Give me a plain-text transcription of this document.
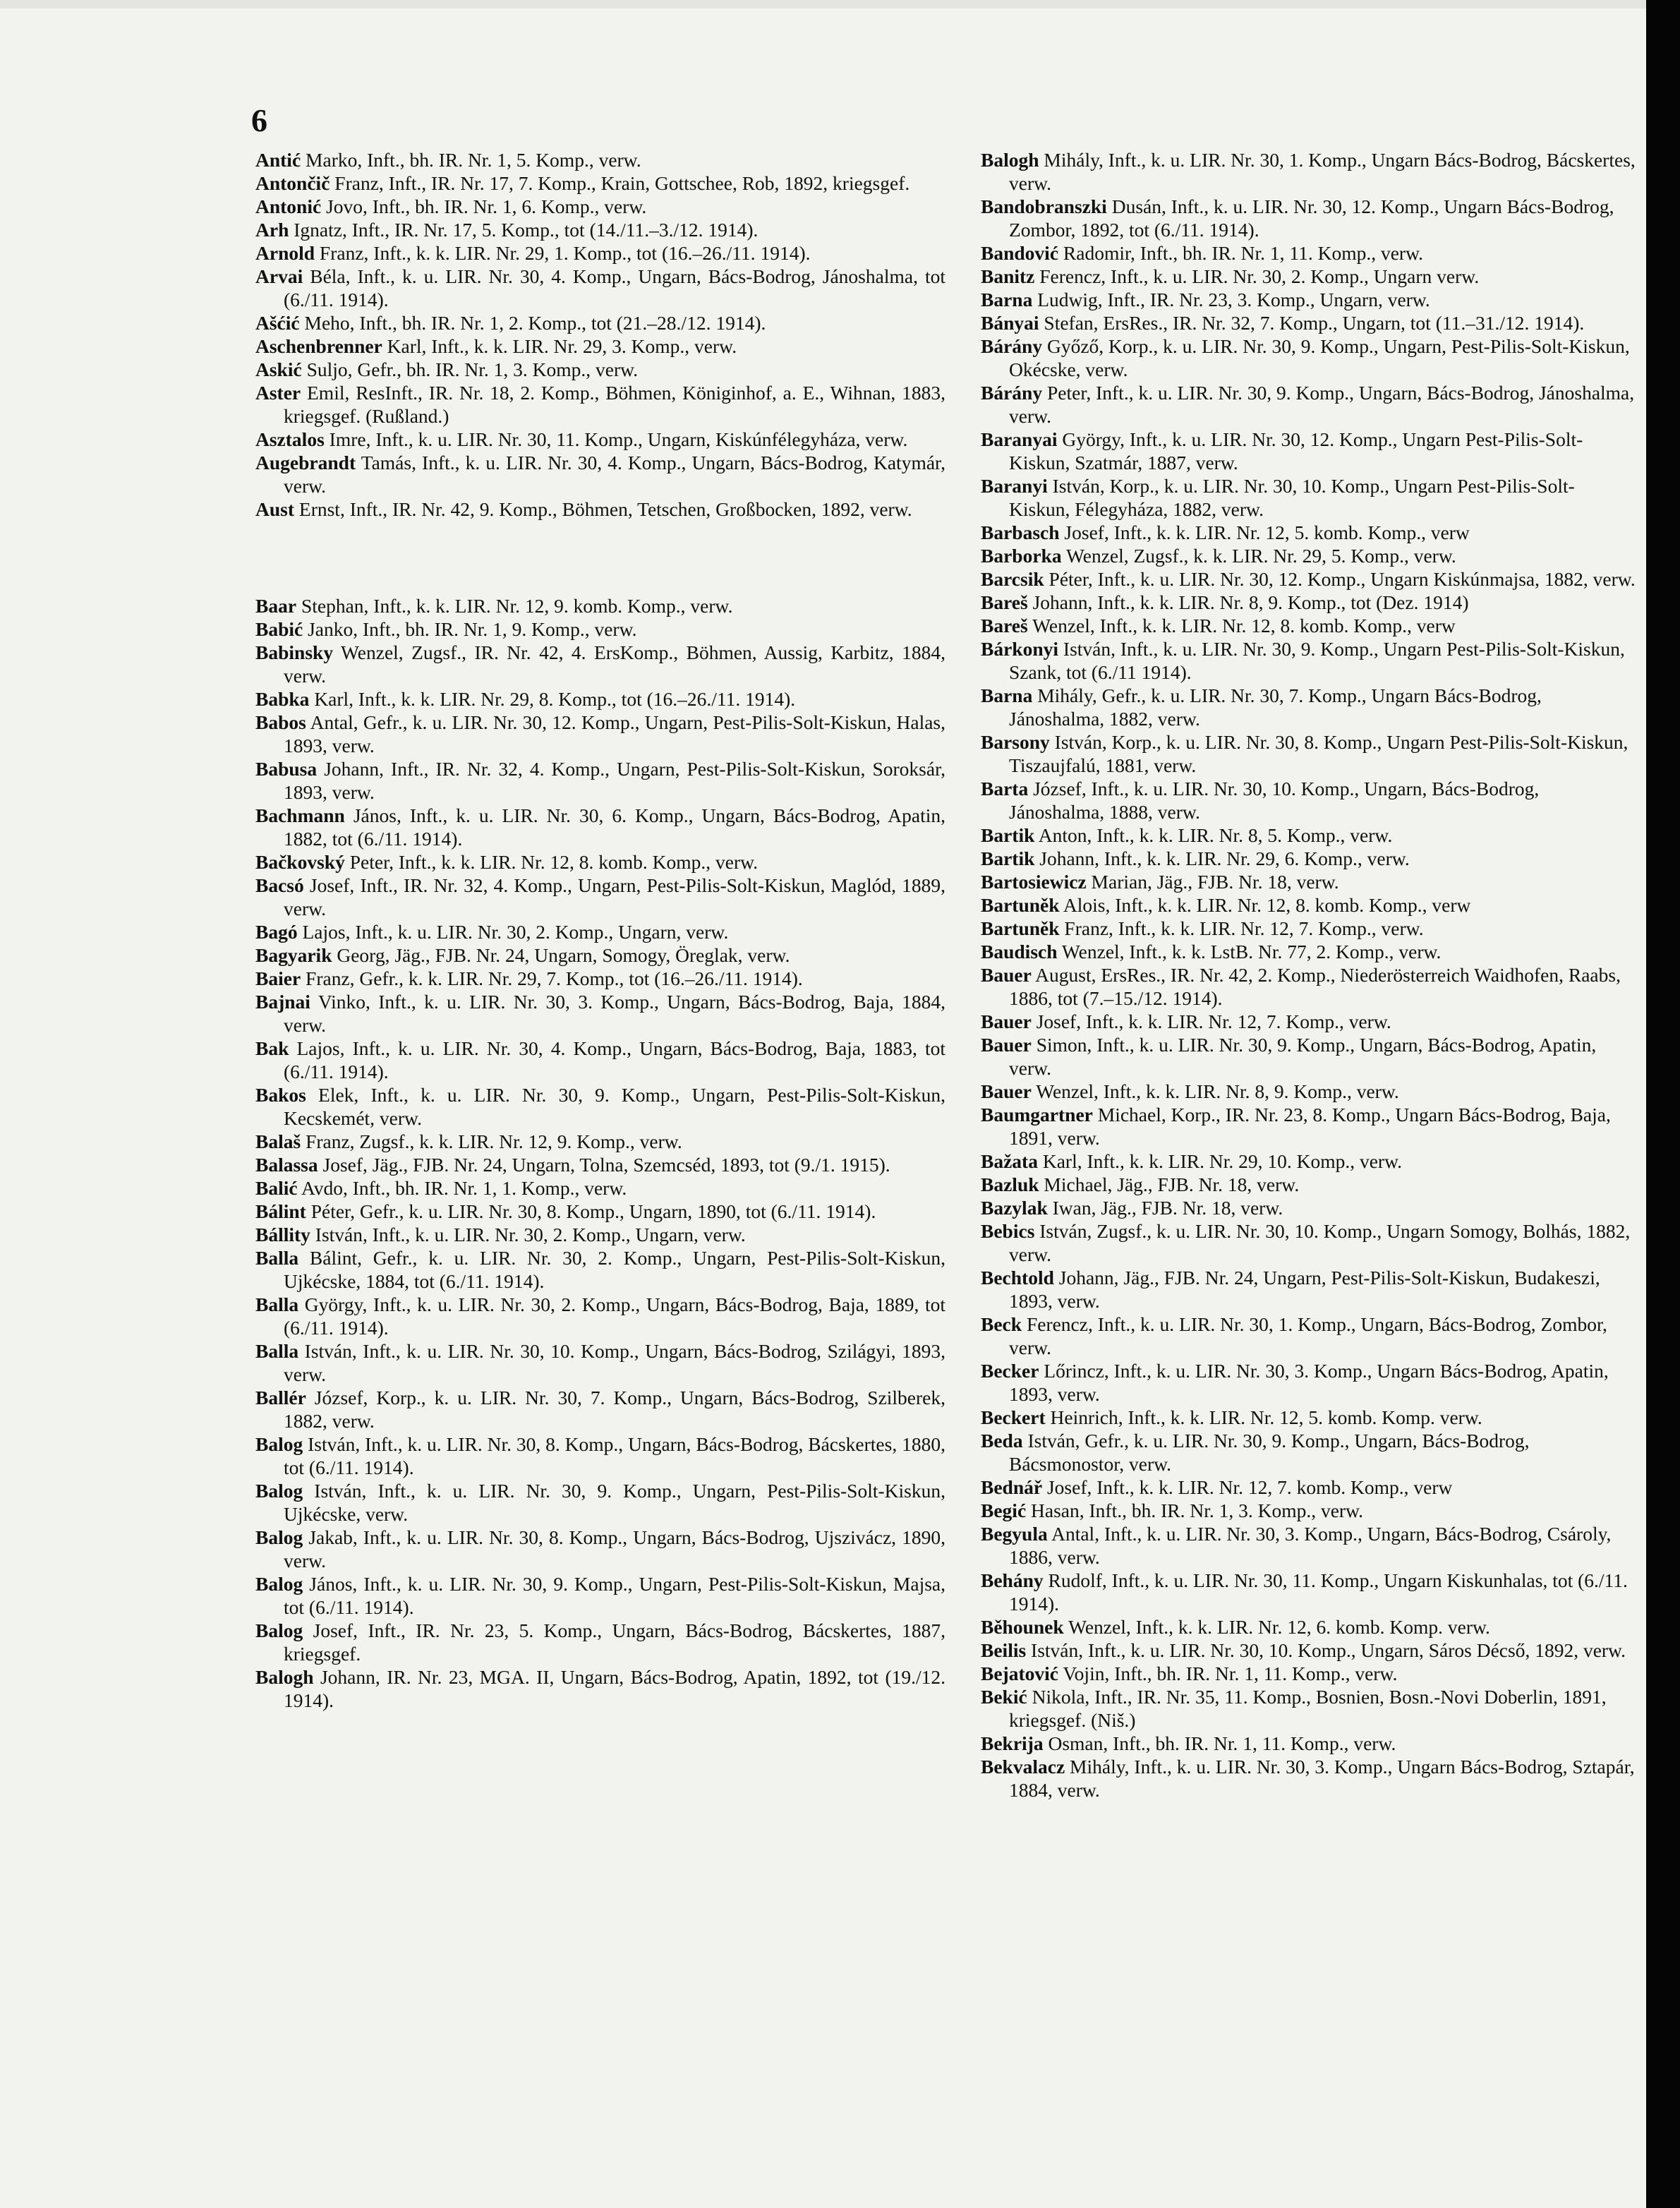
6
Antić Marko, Inft., bh. IR. Nr. 1, 5. Komp., verw.
Antončič Franz, Inft., IR. Nr. 17, 7. Komp., Krain, Gottschee, Rob, 1892, kriegsgef.
Antonić Jovo, Inft., bh. IR. Nr. 1, 6. Komp., verw.
Arh Ignatz, Inft., IR. Nr. 17, 5. Komp., tot (14./11.–3./12. 1914).
Arnold Franz, Inft., k. k. LIR. Nr. 29, 1. Komp., tot (16.–26./11. 1914).
Arvai Béla, Inft., k. u. LIR. Nr. 30, 4. Komp., Ungarn, Bács-Bodrog, Jánoshalma, tot (6./11. 1914).
Ašćić Meho, Inft., bh. IR. Nr. 1, 2. Komp., tot (21.–28./12. 1914).
Aschenbrenner Karl, Inft., k. k. LIR. Nr. 29, 3. Komp., verw.
Askić Suljo, Gefr., bh. IR. Nr. 1, 3. Komp., verw.
Aster Emil, ResInft., IR. Nr. 18, 2. Komp., Böhmen, Königinhof, a. E., Wihnan, 1883, kriegsgef. (Rußland.)
Asztalos Imre, Inft., k. u. LIR. Nr. 30, 11. Komp., Ungarn, Kiskúnfélegyháza, verw.
Augebrandt Tamás, Inft., k. u. LIR. Nr. 30, 4. Komp., Ungarn, Bács-Bodrog, Katymár, verw.
Aust Ernst, Inft., IR. Nr. 42, 9. Komp., Böhmen, Tetschen, Großbocken, 1892, verw.
Baar Stephan, Inft., k. k. LIR. Nr. 12, 9. komb. Komp., verw.
Babić Janko, Inft., bh. IR. Nr. 1, 9. Komp., verw.
Babinsky Wenzel, Zugsf., IR. Nr. 42, 4. ErsKomp., Böhmen, Aussig, Karbitz, 1884, verw.
Babka Karl, Inft., k. k. LIR. Nr. 29, 8. Komp., tot (16.–26./11. 1914).
Babos Antal, Gefr., k. u. LIR. Nr. 30, 12. Komp., Ungarn, Pest-Pilis-Solt-Kiskun, Halas, 1893, verw.
Babusa Johann, Inft., IR. Nr. 32, 4. Komp., Ungarn, Pest-Pilis-Solt-Kiskun, Soroksár, 1893, verw.
Bachmann János, Inft., k. u. LIR. Nr. 30, 6. Komp., Ungarn, Bács-Bodrog, Apatin, 1882, tot (6./11. 1914).
Bačkovský Peter, Inft., k. k. LIR. Nr. 12, 8. komb. Komp., verw.
Bacsó Josef, Inft., IR. Nr. 32, 4. Komp., Ungarn, Pest-Pilis-Solt-Kiskun, Maglód, 1889, verw.
Bagó Lajos, Inft., k. u. LIR. Nr. 30, 2. Komp., Ungarn, verw.
Bagyarik Georg, Jäg., FJB. Nr. 24, Ungarn, Somogy, Öreglak, verw.
Baier Franz, Gefr., k. k. LIR. Nr. 29, 7. Komp., tot (16.–26./11. 1914).
Bajnai Vinko, Inft., k. u. LIR. Nr. 30, 3. Komp., Ungarn, Bács-Bodrog, Baja, 1884, verw.
Bak Lajos, Inft., k. u. LIR. Nr. 30, 4. Komp., Ungarn, Bács-Bodrog, Baja, 1883, tot (6./11. 1914).
Bakos Elek, Inft., k. u. LIR. Nr. 30, 9. Komp., Ungarn, Pest-Pilis-Solt-Kiskun, Kecskemét, verw.
Balaš Franz, Zugsf., k. k. LIR. Nr. 12, 9. Komp., verw.
Balassa Josef, Jäg., FJB. Nr. 24, Ungarn, Tolna, Szemcséd, 1893, tot (9./1. 1915).
Balić Avdo, Inft., bh. IR. Nr. 1, 1. Komp., verw.
Bálint Péter, Gefr., k. u. LIR. Nr. 30, 8. Komp., Ungarn, 1890, tot (6./11. 1914).
Bállity István, Inft., k. u. LIR. Nr. 30, 2. Komp., Ungarn, verw.
Balla Bálint, Gefr., k. u. LIR. Nr. 30, 2. Komp., Ungarn, Pest-Pilis-Solt-Kiskun, Ujkécske, 1884, tot (6./11. 1914).
Balla György, Inft., k. u. LIR. Nr. 30, 2. Komp., Ungarn, Bács-Bodrog, Baja, 1889, tot (6./11. 1914).
Balla István, Inft., k. u. LIR. Nr. 30, 10. Komp., Ungarn, Bács-Bodrog, Szilágyi, 1893, verw.
Ballér József, Korp., k. u. LIR. Nr. 30, 7. Komp., Ungarn, Bács-Bodrog, Szilberek, 1882, verw.
Balog István, Inft., k. u. LIR. Nr. 30, 8. Komp., Ungarn, Bács-Bodrog, Bácskertes, 1880, tot (6./11. 1914).
Balog István, Inft., k. u. LIR. Nr. 30, 9. Komp., Ungarn, Pest-Pilis-Solt-Kiskun, Ujkécske, verw.
Balog Jakab, Inft., k. u. LIR. Nr. 30, 8. Komp., Ungarn, Bács-Bodrog, Ujszivácz, 1890, verw.
Balog János, Inft., k. u. LIR. Nr. 30, 9. Komp., Ungarn, Pest-Pilis-Solt-Kiskun, Majsa, tot (6./11. 1914).
Balog Josef, Inft., IR. Nr. 23, 5. Komp., Ungarn, Bács-Bodrog, Bácskertes, 1887, kriegsgef.
Balogh Johann, IR. Nr. 23, MGA. II, Ungarn, Bács-Bodrog, Apatin, 1892, tot (19./12. 1914).
Balogh Mihály, Inft., k. u. LIR. Nr. 30, 1. Komp., Ungarn Bács-Bodrog, Bácskertes, verw.
Bandobranszki Dusán, Inft., k. u. LIR. Nr. 30, 12. Komp., Ungarn Bács-Bodrog, Zombor, 1892, tot (6./11. 1914).
Bandović Radomir, Inft., bh. IR. Nr. 1, 11. Komp., verw.
Banitz Ferencz, Inft., k. u. LIR. Nr. 30, 2. Komp., Ungarn verw.
Barna Ludwig, Inft., IR. Nr. 23, 3. Komp., Ungarn, verw.
Bányai Stefan, ErsRes., IR. Nr. 32, 7. Komp., Ungarn, tot (11.–31./12. 1914).
Bárány Győző, Korp., k. u. LIR. Nr. 30, 9. Komp., Ungarn, Pest-Pilis-Solt-Kiskun, Okécske, verw.
Bárány Peter, Inft., k. u. LIR. Nr. 30, 9. Komp., Ungarn, Bács-Bodrog, Jánoshalma, verw.
Baranyai György, Inft., k. u. LIR. Nr. 30, 12. Komp., Ungarn Pest-Pilis-Solt-Kiskun, Szatmár, 1887, verw.
Baranyi István, Korp., k. u. LIR. Nr. 30, 10. Komp., Ungarn Pest-Pilis-Solt-Kiskun, Félegyháza, 1882, verw.
Barbasch Josef, Inft., k. k. LIR. Nr. 12, 5. komb. Komp., verw
Barborka Wenzel, Zugsf., k. k. LIR. Nr. 29, 5. Komp., verw.
Barcsik Péter, Inft., k. u. LIR. Nr. 30, 12. Komp., Ungarn Kiskúnmajsa, 1882, verw.
Bareš Johann, Inft., k. k. LIR. Nr. 8, 9. Komp., tot (Dez. 1914)
Bareš Wenzel, Inft., k. k. LIR. Nr. 12, 8. komb. Komp., verw
Bárkonyi István, Inft., k. u. LIR. Nr. 30, 9. Komp., Ungarn Pest-Pilis-Solt-Kiskun, Szank, tot (6./11 1914).
Barna Mihály, Gefr., k. u. LIR. Nr. 30, 7. Komp., Ungarn Bács-Bodrog, Jánoshalma, 1882, verw.
Barsony István, Korp., k. u. LIR. Nr. 30, 8. Komp., Ungarn Pest-Pilis-Solt-Kiskun, Tiszaujfalú, 1881, verw.
Barta József, Inft., k. u. LIR. Nr. 30, 10. Komp., Ungarn, Bács-Bodrog, Jánoshalma, 1888, verw.
Bartik Anton, Inft., k. k. LIR. Nr. 8, 5. Komp., verw.
Bartik Johann, Inft., k. k. LIR. Nr. 29, 6. Komp., verw.
Bartosiewicz Marian, Jäg., FJB. Nr. 18, verw.
Bartuněk Alois, Inft., k. k. LIR. Nr. 12, 8. komb. Komp., verw
Bartuněk Franz, Inft., k. k. LIR. Nr. 12, 7. Komp., verw.
Baudisch Wenzel, Inft., k. k. LstB. Nr. 77, 2. Komp., verw.
Bauer August, ErsRes., IR. Nr. 42, 2. Komp., Niederösterreich Waidhofen, Raabs, 1886, tot (7.–15./12. 1914).
Bauer Josef, Inft., k. k. LIR. Nr. 12, 7. Komp., verw.
Bauer Simon, Inft., k. u. LIR. Nr. 30, 9. Komp., Ungarn, Bács-Bodrog, Apatin, verw.
Bauer Wenzel, Inft., k. k. LIR. Nr. 8, 9. Komp., verw.
Baumgartner Michael, Korp., IR. Nr. 23, 8. Komp., Ungarn Bács-Bodrog, Baja, 1891, verw.
Bažata Karl, Inft., k. k. LIR. Nr. 29, 10. Komp., verw.
Bazluk Michael, Jäg., FJB. Nr. 18, verw.
Bazylak Iwan, Jäg., FJB. Nr. 18, verw.
Bebics István, Zugsf., k. u. LIR. Nr. 30, 10. Komp., Ungarn Somogy, Bolhás, 1882, verw.
Bechtold Johann, Jäg., FJB. Nr. 24, Ungarn, Pest-Pilis-Solt-Kiskun, Budakeszi, 1893, verw.
Beck Ferencz, Inft., k. u. LIR. Nr. 30, 1. Komp., Ungarn, Bács-Bodrog, Zombor, verw.
Becker Lőrincz, Inft., k. u. LIR. Nr. 30, 3. Komp., Ungarn Bács-Bodrog, Apatin, 1893, verw.
Beckert Heinrich, Inft., k. k. LIR. Nr. 12, 5. komb. Komp. verw.
Beda István, Gefr., k. u. LIR. Nr. 30, 9. Komp., Ungarn, Bács-Bodrog, Bácsmonostor, verw.
Bednář Josef, Inft., k. k. LIR. Nr. 12, 7. komb. Komp., verw
Begić Hasan, Inft., bh. IR. Nr. 1, 3. Komp., verw.
Begyula Antal, Inft., k. u. LIR. Nr. 30, 3. Komp., Ungarn, Bács-Bodrog, Csároly, 1886, verw.
Behány Rudolf, Inft., k. u. LIR. Nr. 30, 11. Komp., Ungarn Kiskunhalas, tot (6./11. 1914).
Běhounek Wenzel, Inft., k. k. LIR. Nr. 12, 6. komb. Komp. verw.
Beilis István, Inft., k. u. LIR. Nr. 30, 10. Komp., Ungarn, Sáros Décső, 1892, verw.
Bejatović Vojin, Inft., bh. IR. Nr. 1, 11. Komp., verw.
Bekić Nikola, Inft., IR. Nr. 35, 11. Komp., Bosnien, Bosn.-Novi Doberlin, 1891, kriegsgef. (Niš.)
Bekrija Osman, Inft., bh. IR. Nr. 1, 11. Komp., verw.
Bekvalacz Mihály, Inft., k. u. LIR. Nr. 30, 3. Komp., Ungarn Bács-Bodrog, Sztapár, 1884, verw.
